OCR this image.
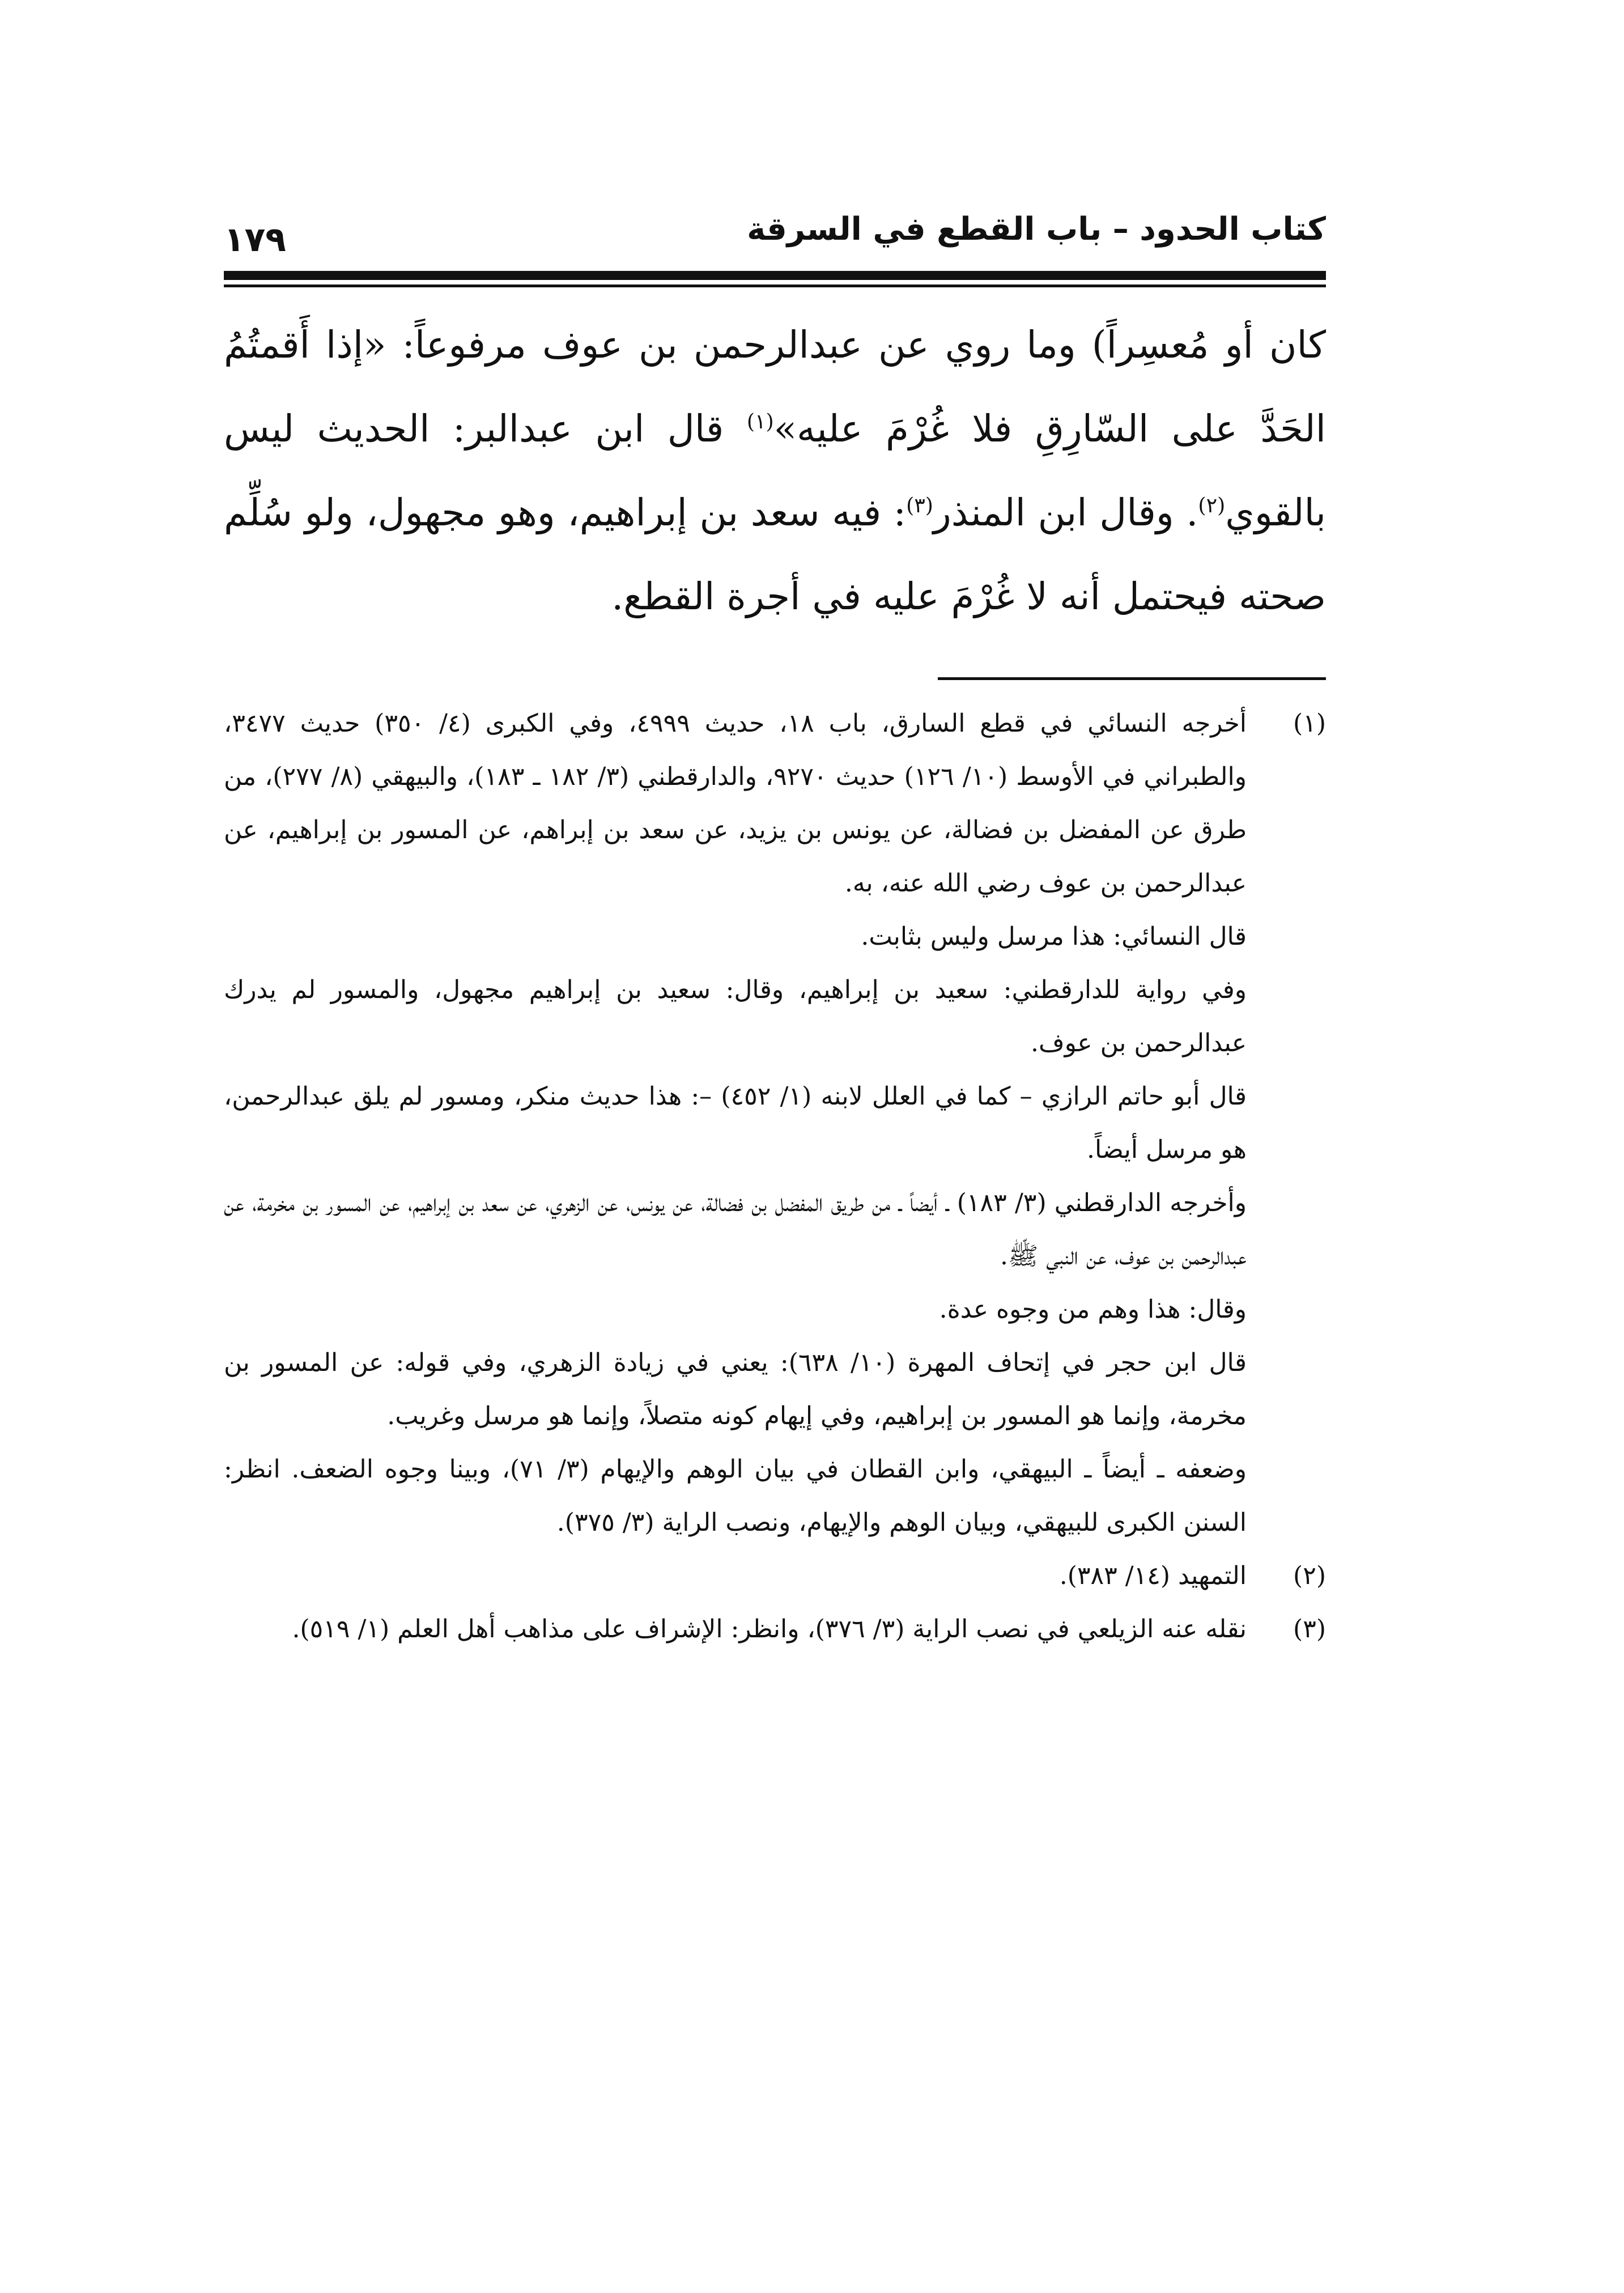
كتاب الحدود – باب القطع في السرقة
١٧٩

كان أو مُعسِراً) وما روي عن عبدالرحمن بن عوف مرفوعاً: «إذا أَقمتُمُ الحَدَّ على السّارِقِ فلا غُرْمَ عليه»$^{(١)}$ قال ابن عبدالبر: الحديث ليس بالقوي$^{(٢)}$. وقال ابن المنذر$^{(٣)}$: فيه سعد بن إبراهيم، وهو مجهول، ولو سُلِّم صحته فيحتمل أنه لا غُرْمَ عليه في أجرة القطع.

(١)
أخرجه النسائي في قطع السارق، باب ١٨، حديث ٤٩٩٩، وفي الكبرى (٤/ ٣٥٠) حديث ٣٤٧٧، والطبراني في الأوسط (١٠/ ١٢٦) حديث ٩٢٧٠، والدارقطني (٣/ ١٨٢ ـ ١٨٣)، والبيهقي (٨/ ٢٧٧)، من طرق عن المفضل بن فضالة، عن يونس بن يزيد، عن سعد بن إبراهم، عن المسور بن إبراهيم، عن عبدالرحمن بن عوف رضي الله عنه، به.
قال النسائي: هذا مرسل وليس بثابت.
وفي رواية للدارقطني: سعيد بن إبراهيم، وقال: سعيد بن إبراهيم مجهول، والمسور لم يدرك عبدالرحمن بن عوف.
قال أبو حاتم الرازي – كما في العلل لابنه (١/ ٤٥٢) –: هذا حديث منكر، ومسور لم يلق عبدالرحمن، هو مرسل أيضاً.
وأخرجه الدارقطني (٣/ ١٨٣) ـ أيضاً ـ من طريق المفضل بن فضالة، عن يونس، عن الزهري، عن سعد بن إبراهيم، عن المسور بن مخرمة، عن عبدالرحمن بن عوف، عن النبي ﷺ.
وقال: هذا وهم من وجوه عدة.
قال ابن حجر في إتحاف المهرة (١٠/ ٦٣٨): يعني في زيادة الزهري، وفي قوله: عن المسور بن مخرمة، وإنما هو المسور بن إبراهيم، وفي إيهام كونه متصلاً، وإنما هو مرسل وغريب.
وضعفه ـ أيضاً ـ البيهقي، وابن القطان في بيان الوهم والإيهام (٣/ ٧١)، وبينا وجوه الضعف. انظر: السنن الكبرى للبيهقي، وبيان الوهم والإيهام، ونصب الراية (٣/ ٣٧٥).
(٢)
التمهيد (١٤/ ٣٨٣).
(٣)
نقله عنه الزيلعي في نصب الراية (٣/ ٣٧٦)، وانظر: الإشراف على مذاهب أهل العلم (١/ ٥١٩).
